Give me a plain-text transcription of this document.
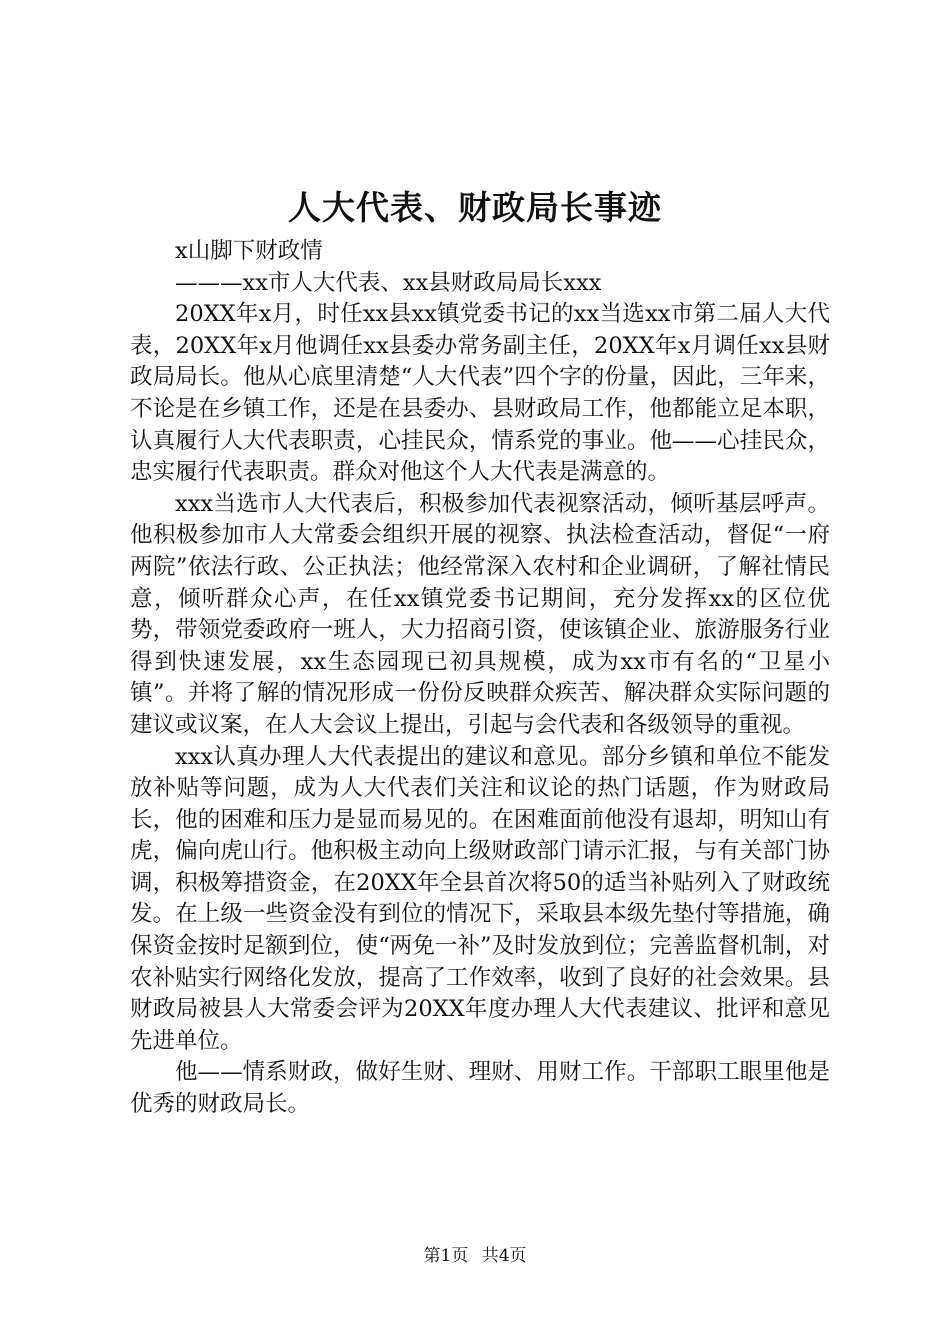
人大代表、财政局长事迹

x山脚下财政情

———xx市人大代表、xx县财政局局长xxx

20XX年x月，时任xx县xx镇党委书记的xx当选xx市第二届人大代表，20XX年x月他调任xx县委办常务副主任，20XX年x月调任xx县财政局局长。他从心底里清楚“人大代表”四个字的份量，因此，三年来，不论是在乡镇工作，还是在县委办、县财政局工作，他都能立足本职，认真履行人大代表职责，心挂民众，情系党的事业。他——心挂民众，忠实履行代表职责。群众对他这个人大代表是满意的。

xxx当选市人大代表后，积极参加代表视察活动，倾听基层呼声。他积极参加市人大常委会组织开展的视察、执法检查活动，督促“一府两院”依法行政、公正执法；他经常深入农村和企业调研，了解社情民意，倾听群众心声，在任xx镇党委书记期间，充分发挥xx的区位优势，带领党委政府一班人，大力招商引资，使该镇企业、旅游服务行业得到快速发展，xx生态园现已初具规模，成为xx市有名的“卫星小镇”。并将了解的情况形成一份份反映群众疾苦、解决群众实际问题的建议或议案，在人大会议上提出，引起与会代表和各级领导的重视。

xxx认真办理人大代表提出的建议和意见。部分乡镇和单位不能发放补贴等问题，成为人大代表们关注和议论的热门话题，作为财政局长，他的困难和压力是显而易见的。在困难面前他没有退却，明知山有虎，偏向虎山行。他积极主动向上级财政部门请示汇报，与有关部门协调，积极筹措资金，在20XX年全县首次将50的适当补贴列入了财政统发。在上级一些资金没有到位的情况下，采取县本级先垫付等措施，确保资金按时足额到位，使“两免一补”及时发放到位；完善监督机制，对农补贴实行网络化发放，提高了工作效率，收到了良好的社会效果。县财政局被县人大常委会评为20XX年度办理人大代表建议、批评和意见先进单位。

他——情系财政，做好生财、理财、用财工作。干部职工眼里他是优秀的财政局长。

第1页 共4页
